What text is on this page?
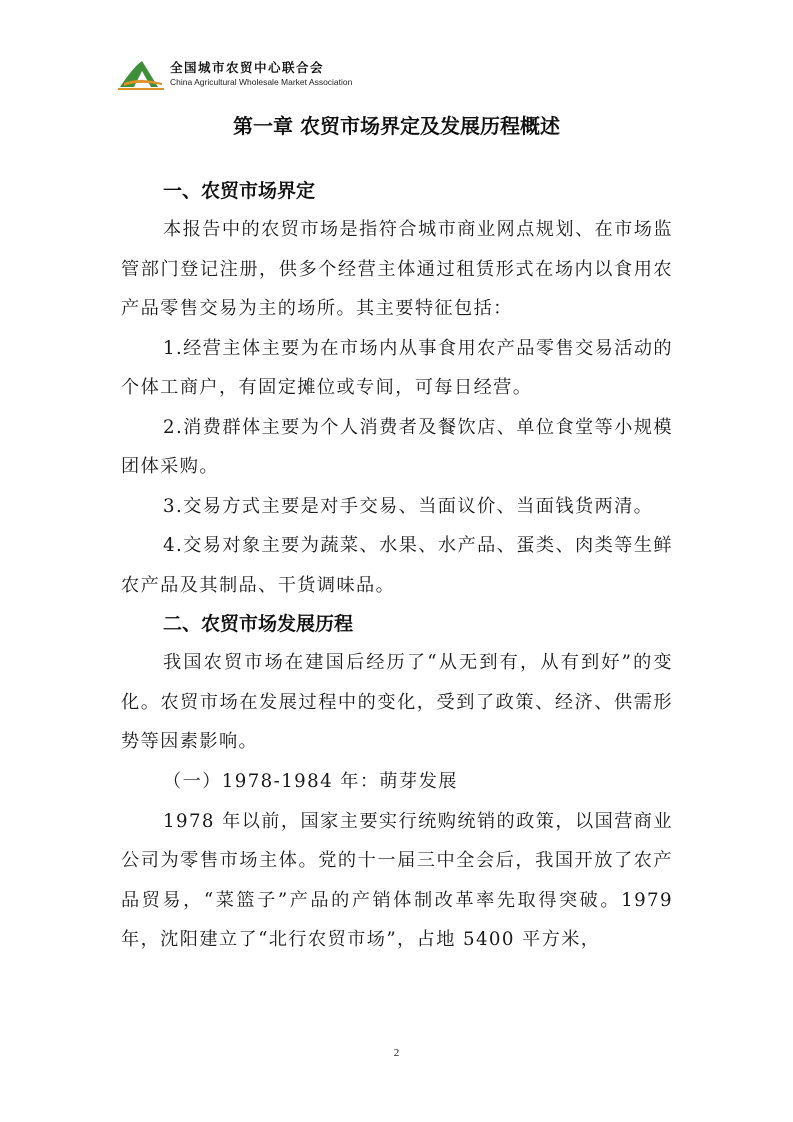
全国城市农贸中心联合会
China Agricultural Wholesale Market Association
第一章 农贸市场界定及发展历程概述
一、农贸市场界定

本报告中的农贸市场是指符合城市商业网点规划、在市场监管部门登记注册，供多个经营主体通过租赁形式在场内以食用农产品零售交易为主的场所。其主要特征包括：

1.经营主体主要为在市场内从事食用农产品零售交易活动的个体工商户，有固定摊位或专间，可每日经营。

2.消费群体主要为个人消费者及餐饮店、单位食堂等小规模团体采购。

3.交易方式主要是对手交易、当面议价、当面钱货两清。

4.交易对象主要为蔬菜、水果、水产品、蛋类、肉类等生鲜农产品及其制品、干货调味品。

二、农贸市场发展历程

我国农贸市场在建国后经历了“从无到有，从有到好”的变化。农贸市场在发展过程中的变化，受到了政策、经济、供需形势等因素影响。

（一）1978-1984 年：萌芽发展

1978 年以前，国家主要实行统购统销的政策，以国营商业公司为零售市场主体。党的十一届三中全会后，我国开放了农产品贸易，“菜篮子”产品的产销体制改革率先取得突破。1979 年，沈阳建立了“北行农贸市场”，占地 5400 平方米，

2
